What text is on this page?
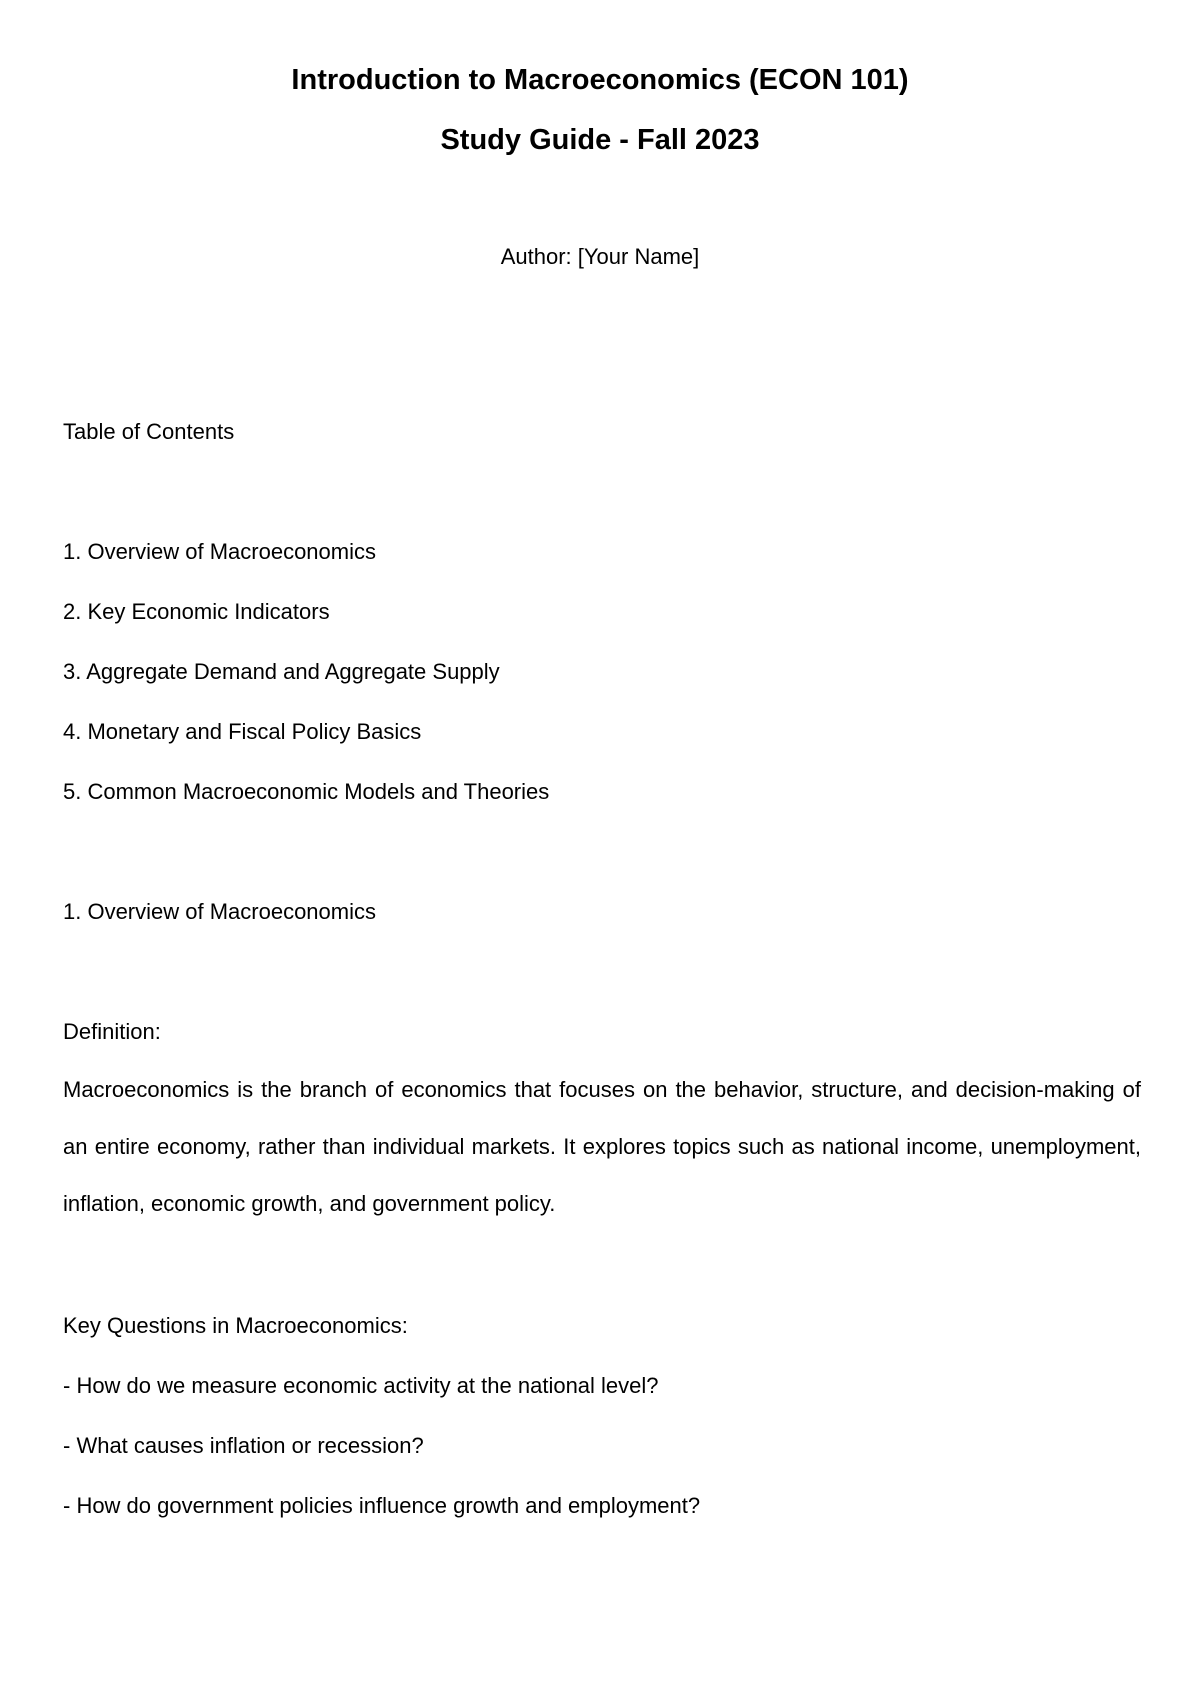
Introduction to Macroeconomics (ECON 101)
Study Guide - Fall 2023
Author: [Your Name]

Table of Contents

1. Overview of Macroeconomics

2. Key Economic Indicators

3. Aggregate Demand and Aggregate Supply

4. Monetary and Fiscal Policy Basics

5. Common Macroeconomic Models and Theories

1. Overview of Macroeconomics

Definition:

Macroeconomics is the branch of economics that focuses on the behavior, structure, and decision-making of an entire economy, rather than individual markets. It explores topics such as national income, unemployment, inflation, economic growth, and government policy.

Key Questions in Macroeconomics:

- How do we measure economic activity at the national level?

- What causes inflation or recession?

- How do government policies influence growth and employment?
